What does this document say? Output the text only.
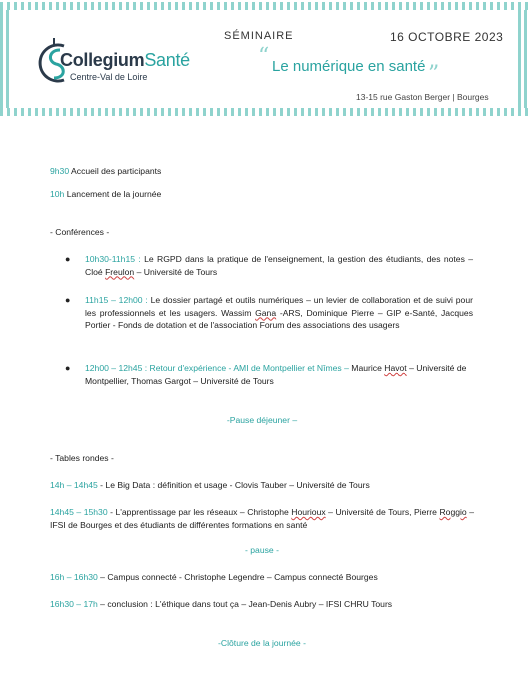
CollegiumSanté
Centre-Val de Loire
SÉMINAIRE	16 OCTOBRE 2023
“ Le numérique en santé ”
13-15 rue Gaston Berger | Bourges
9h30 Accueil des participants
10h Lancement de la journée
- Conférences -
● 10h30-11h15 : Le RGPD dans la pratique de l'enseignement, la gestion des étudiants, des notes – Cloé Freulon – Université de Tours
● 11h15 – 12h00 : Le dossier partagé et outils numériques – un levier de collaboration et de suivi pour les professionnels et les usagers. Wassim Gana -ARS, Dominique Pierre – GIP e-Santé, Jacques Portier - Fonds de dotation et de l'association Forum des associations des usagers
● 12h00 – 12h45 : Retour d'expérience - AMI de Montpellier et Nîmes – Maurice Havot – Université de Montpellier, Thomas Gargot – Université de Tours
-Pause déjeuner –
- Tables rondes -
14h – 14h45 - Le Big Data : définition et usage - Clovis Tauber – Université de Tours
14h45 – 15h30 - L'apprentissage par les réseaux – Christophe Hourioux – Université de Tours, Pierre Roggio – IFSI de Bourges et des étudiants de différentes formations en santé
- pause -
16h – 16h30 – Campus connecté - Christophe Legendre – Campus connecté Bourges
16h30 – 17h – conclusion : L'éthique dans tout ça – Jean-Denis Aubry – IFSI CHRU Tours
-Clôture de la journée -
